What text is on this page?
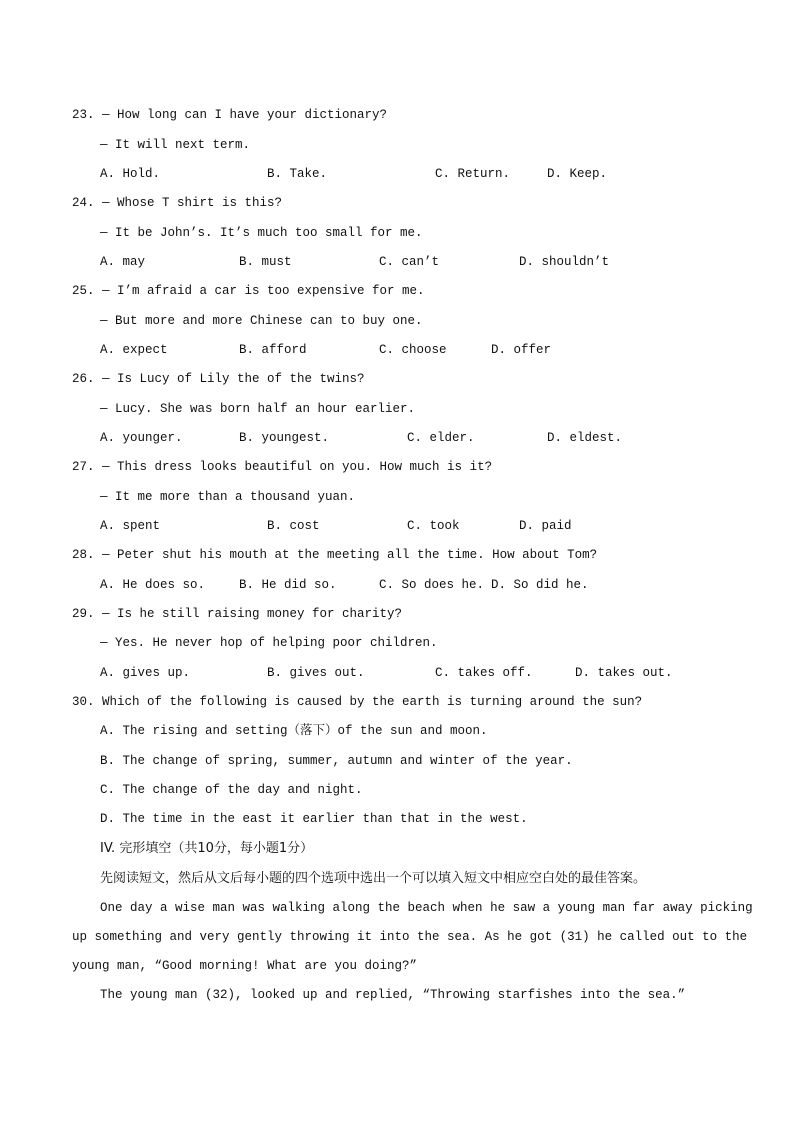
23. — How long can I have your dictionary?
— It will next term.
A. Hold.	B. Take.	C. Return.	D. Keep.
24. — Whose T shirt is this?
— It be John’s. It’s much too small for me.
A. may	B. must	C. can’t	D. shouldn’t
25. — I’m afraid a car is too expensive for me.
— But more and more Chinese can to buy one.
A. expect	B. afford	C. choose	D. offer
26. — Is Lucy of Lily the of the twins?
— Lucy. She was born half an hour earlier.
A. younger.	B. youngest.	C. elder.	D. eldest.
27. — This dress looks beautiful on you. How much is it?
— It me more than a thousand yuan.
A. spent	B. cost	C. took	D. paid
28. — Peter shut his mouth at the meeting all the time. How about Tom?
A. He does so.	B. He did so.	C. So does he. D. So did he.
29. — Is he still raising money for charity?
— Yes. He never hop of helping poor children.
A. gives up.	B. gives out.	C. takes off.	D. takes out.
30. Which of the following is caused by the earth is turning around the sun?
A. The rising and setting（落下）of the sun and moon.
B. The change of spring, summer, autumn and winter of the year.
C. The change of the day and night.
D. The time in the east it earlier than that in the west.
IV. 完形填空（共10分，每小题1分）
先阅读短文，然后从文后每小题的四个选项中选出一个可以填入短文中相应空白处的最佳答案。
One day a wise man was walking along the beach when he saw a young man far away picking
up something and very gently throwing it into the sea. As he got (31) he called out to the
young man, “Good morning! What are you doing?”
The young man (32), looked up and replied, “Throwing starfishes into the sea.”
